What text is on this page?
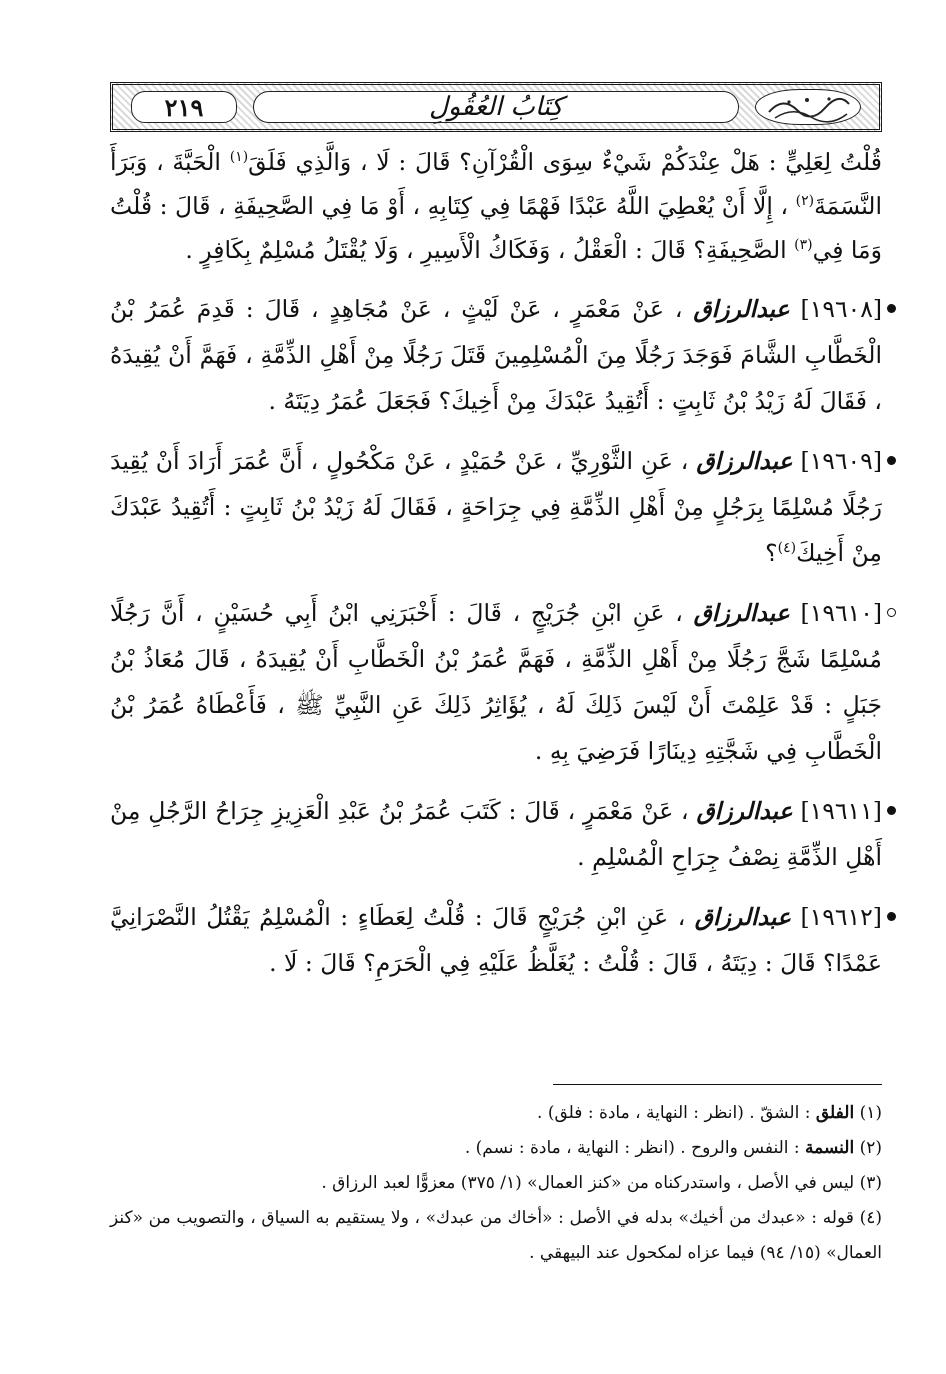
٢١٩	كِتَابُ العُقُولِ

قُلْتُ لِعَلِيٍّ : هَلْ عِنْدَكُمْ شَيْءٌ سِوَى الْقُرْآنِ؟ قَالَ : لَا ، وَالَّذِي فَلَقَ$^{(١)}$ الْحَبَّةَ ، وَبَرَأَ النَّسَمَةَ$^{(٢)}$ ، إِلَّا أَنْ يُعْطِيَ اللَّهُ عَبْدًا فَهْمًا فِي كِتَابِهِ ، أَوْ مَا فِي الصَّحِيفَةِ ، قَالَ : قُلْتُ وَمَا فِي$^{(٣)}$ الصَّحِيفَةِ؟ قَالَ : الْعَقْلُ ، وَفَكَاكُ الْأَسِيرِ ، وَلَا يُقْتَلُ مُسْلِمٌ بِكَافِرٍ .

[١٩٦٠٨] عبدالرزاق ، عَنْ مَعْمَرٍ ، عَنْ لَيْثٍ ، عَنْ مُجَاهِدٍ ، قَالَ : قَدِمَ عُمَرُ بْنُ الْخَطَّابِ الشَّامَ فَوَجَدَ رَجُلًا مِنَ الْمُسْلِمِينَ قَتَلَ رَجُلًا مِنْ أَهْلِ الذِّمَّةِ ، فَهَمَّ أَنْ يُقِيدَهُ ، فَقَالَ لَهُ زَيْدُ بْنُ ثَابِتٍ : أَتُقِيدُ عَبْدَكَ مِنْ أَخِيكَ؟ فَجَعَلَ عُمَرُ دِيَتَهُ .

[١٩٦٠٩] عبدالرزاق ، عَنِ الثَّوْرِيِّ ، عَنْ حُمَيْدٍ ، عَنْ مَكْحُولٍ ، أَنَّ عُمَرَ أَرَادَ أَنْ يُقِيدَ رَجُلًا مُسْلِمًا بِرَجُلٍ مِنْ أَهْلِ الذِّمَّةِ فِي جِرَاحَةٍ ، فَقَالَ لَهُ زَيْدُ بْنُ ثَابِتٍ : أَتُقِيدُ عَبْدَكَ مِنْ أَخِيكَ$^{(٤)}$؟

[١٩٦١٠] عبدالرزاق ، عَنِ ابْنِ جُرَيْجٍ ، قَالَ : أَخْبَرَنِي ابْنُ أَبِي حُسَيْنٍ ، أَنَّ رَجُلًا مُسْلِمًا شَجَّ رَجُلًا مِنْ أَهْلِ الذِّمَّةِ ، فَهَمَّ عُمَرُ بْنُ الْخَطَّابِ أَنْ يُقِيدَهُ ، قَالَ مُعَاذُ بْنُ جَبَلٍ : قَدْ عَلِمْتَ أَنْ لَيْسَ ذَلِكَ لَهُ ، يُؤَاثِرُ ذَلِكَ عَنِ النَّبِيِّ ﷺ ، فَأَعْطَاهُ عُمَرُ بْنُ الْخَطَّابِ فِي شَجَّتِهِ دِينَارًا فَرَضِيَ بِهِ .

[١٩٦١١] عبدالرزاق ، عَنْ مَعْمَرٍ ، قَالَ : كَتَبَ عُمَرُ بْنُ عَبْدِ الْعَزِيزِ جِرَاحُ الرَّجُلِ مِنْ أَهْلِ الذِّمَّةِ نِصْفُ جِرَاحِ الْمُسْلِمِ .

[١٩٦١٢] عبدالرزاق ، عَنِ ابْنِ جُرَيْجٍ قَالَ : قُلْتُ لِعَطَاءٍ : الْمُسْلِمُ يَقْتُلُ النَّصْرَانِيَّ عَمْدًا؟ قَالَ : دِيَتَهُ ، قَالَ : قُلْتُ : يُغَلَّظُ عَلَيْهِ فِي الْحَرَمِ؟ قَالَ : لَا .

(١) الفلق : الشقّ . (انظر : النهاية ، مادة : فلق) .

(٢) النسمة : النفس والروح . (انظر : النهاية ، مادة : نسم) .

(٣) ليس في الأصل ، واستدركناه من «كنز العمال» (١/ ٣٧٥) معزوًّا لعبد الرزاق .

(٤) قوله : «عبدك من أخيك» بدله في الأصل : «أخاك من عبدك» ، ولا يستقيم به السياق ، والتصويب من «كنز العمال» (١٥/ ٩٤) فيما عزاه لمكحول عند البيهقي .
